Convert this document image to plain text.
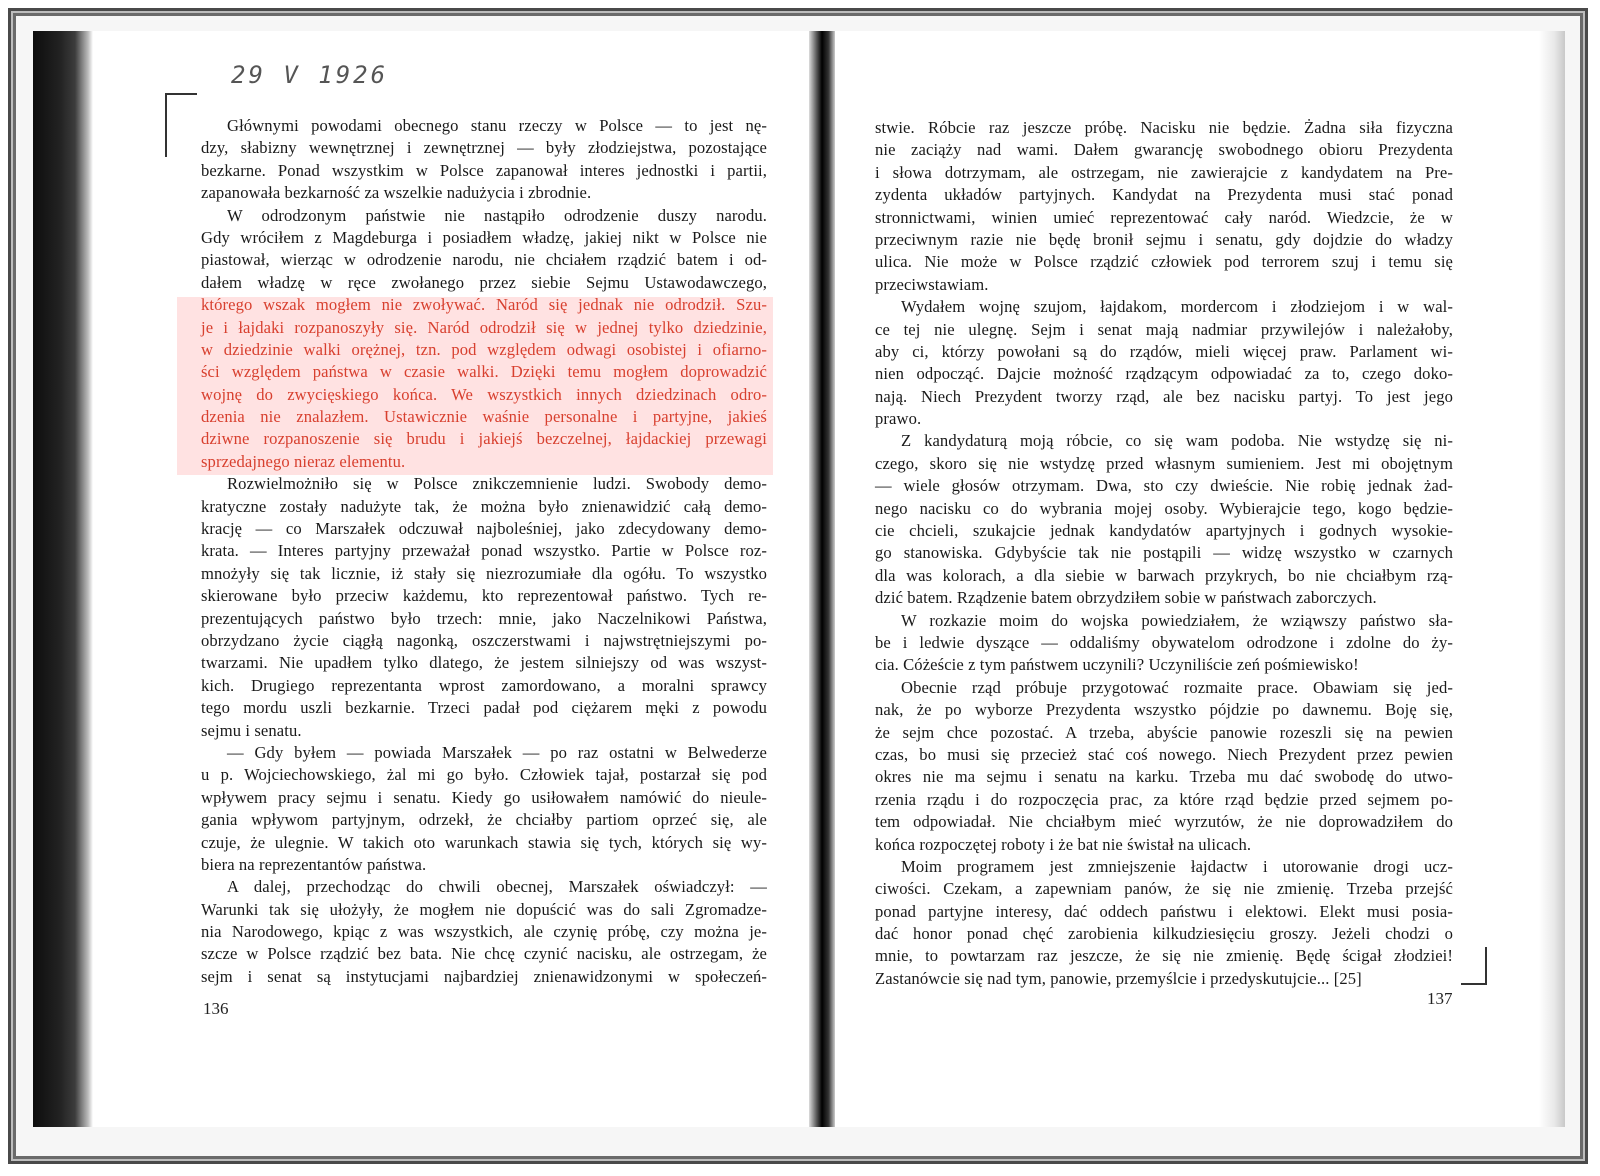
29 V 1926
Głównymi powodami obecnego stanu rzeczy w Polsce — to jest nę-
dzy, słabizny wewnętrznej i zewnętrznej — były złodziejstwa, pozostające
bezkarne. Ponad wszystkim w Polsce zapanował interes jednostki i partii,
zapanowała bezkarność za wszelkie nadużycia i zbrodnie.
W odrodzonym państwie nie nastąpiło odrodzenie duszy narodu.
Gdy wróciłem z Magdeburga i posiadłem władzę, jakiej nikt w Polsce nie
piastował, wierząc w odrodzenie narodu, nie chciałem rządzić batem i od-
dałem władzę w ręce zwołanego przez siebie Sejmu Ustawodawczego,
którego wszak mogłem nie zwoływać. Naród się jednak nie odrodził. Szu-
je i łajdaki rozpanoszyły się. Naród odrodził się w jednej tylko dziedzinie,
w dziedzinie walki orężnej, tzn. pod względem odwagi osobistej i ofiarno-
ści względem państwa w czasie walki. Dzięki temu mogłem doprowadzić
wojnę do zwycięskiego końca. We wszystkich innych dziedzinach odro-
dzenia nie znalazłem. Ustawicznie waśnie personalne i partyjne, jakieś
dziwne rozpanoszenie się brudu i jakiejś bezczelnej, łajdackiej przewagi
sprzedajnego nieraz elementu.
Rozwielmożniło się w Polsce znikczemnienie ludzi. Swobody demo-
kratyczne zostały nadużyte tak, że można było znienawidzić całą demo-
krację — co Marszałek odczuwał najboleśniej, jako zdecydowany demo-
krata. — Interes partyjny przeważał ponad wszystko. Partie w Polsce roz-
mnożyły się tak licznie, iż stały się niezrozumiałe dla ogółu. To wszystko
skierowane było przeciw każdemu, kto reprezentował państwo. Tych re-
prezentujących państwo było trzech: mnie, jako Naczelnikowi Państwa,
obrzydzano życie ciągłą nagonką, oszczerstwami i najwstrętniejszymi po-
twarzami. Nie upadłem tylko dlatego, że jestem silniejszy od was wszyst-
kich. Drugiego reprezentanta wprost zamordowano, a moralni sprawcy
tego mordu uszli bezkarnie. Trzeci padał pod ciężarem męki z powodu
sejmu i senatu.
— Gdy byłem — powiada Marszałek — po raz ostatni w Belwederze
u p. Wojciechowskiego, żal mi go było. Człowiek tajał, postarzał się pod
wpływem pracy sejmu i senatu. Kiedy go usiłowałem namówić do nieule-
gania wpływom partyjnym, odrzekł, że chciałby partiom oprzeć się, ale
czuje, że ulegnie. W takich oto warunkach stawia się tych, których się wy-
biera na reprezentantów państwa.
A dalej, przechodząc do chwili obecnej, Marszałek oświadczył: —
Warunki tak się ułożyły, że mogłem nie dopuścić was do sali Zgromadze-
nia Narodowego, kpiąc z was wszystkich, ale czynię próbę, czy można je-
szcze w Polsce rządzić bez bata. Nie chcę czynić nacisku, ale ostrzegam, że
sejm i senat są instytucjami najbardziej znienawidzonymi w społeczeń-
136
stwie. Róbcie raz jeszcze próbę. Nacisku nie będzie. Żadna siła fizyczna
nie zaciąży nad wami. Dałem gwarancję swobodnego obioru Prezydenta
i słowa dotrzymam, ale ostrzegam, nie zawierajcie z kandydatem na Pre-
zydenta układów partyjnych. Kandydat na Prezydenta musi stać ponad
stronnictwami, winien umieć reprezentować cały naród. Wiedzcie, że w
przeciwnym razie nie będę bronił sejmu i senatu, gdy dojdzie do władzy
ulica. Nie może w Polsce rządzić człowiek pod terrorem szuj i temu się
przeciwstawiam.
Wydałem wojnę szujom, łajdakom, mordercom i złodziejom i w wal-
ce tej nie ulegnę. Sejm i senat mają nadmiar przywilejów i należałoby,
aby ci, którzy powołani są do rządów, mieli więcej praw. Parlament wi-
nien odpocząć. Dajcie możność rządzącym odpowiadać za to, czego doko-
nają. Niech Prezydent tworzy rząd, ale bez nacisku partyj. To jest jego
prawo.
Z kandydaturą moją róbcie, co się wam podoba. Nie wstydzę się ni-
czego, skoro się nie wstydzę przed własnym sumieniem. Jest mi obojętnym
— wiele głosów otrzymam. Dwa, sto czy dwieście. Nie robię jednak żad-
nego nacisku co do wybrania mojej osoby. Wybierajcie tego, kogo będzie-
cie chcieli, szukajcie jednak kandydatów apartyjnych i godnych wysokie-
go stanowiska. Gdybyście tak nie postąpili — widzę wszystko w czarnych
dla was kolorach, a dla siebie w barwach przykrych, bo nie chciałbym rzą-
dzić batem. Rządzenie batem obrzydziłem sobie w państwach zaborczych.
W rozkazie moim do wojska powiedziałem, że wziąwszy państwo sła-
be i ledwie dyszące — oddaliśmy obywatelom odrodzone i zdolne do ży-
cia. Cóżeście z tym państwem uczynili? Uczyniliście zeń pośmiewisko!
Obecnie rząd próbuje przygotować rozmaite prace. Obawiam się jed-
nak, że po wyborze Prezydenta wszystko pójdzie po dawnemu. Boję się,
że sejm chce pozostać. A trzeba, abyście panowie rozeszli się na pewien
czas, bo musi się przecież stać coś nowego. Niech Prezydent przez pewien
okres nie ma sejmu i senatu na karku. Trzeba mu dać swobodę do utwo-
rzenia rządu i do rozpoczęcia prac, za które rząd będzie przed sejmem po-
tem odpowiadał. Nie chciałbym mieć wyrzutów, że nie doprowadziłem do
końca rozpoczętej roboty i że bat nie świstał na ulicach.
Moim programem jest zmniejszenie łajdactw i utorowanie drogi ucz-
ciwości. Czekam, a zapewniam panów, że się nie zmienię. Trzeba przejść
ponad partyjne interesy, dać oddech państwu i elektowi. Elekt musi posia-
dać honor ponad chęć zarobienia kilkudziesięciu groszy. Jeżeli chodzi o
mnie, to powtarzam raz jeszcze, że się nie zmienię. Będę ścigał złodziei!
Zastanówcie się nad tym, panowie, przemyślcie i przedyskutujcie... [25]
137
